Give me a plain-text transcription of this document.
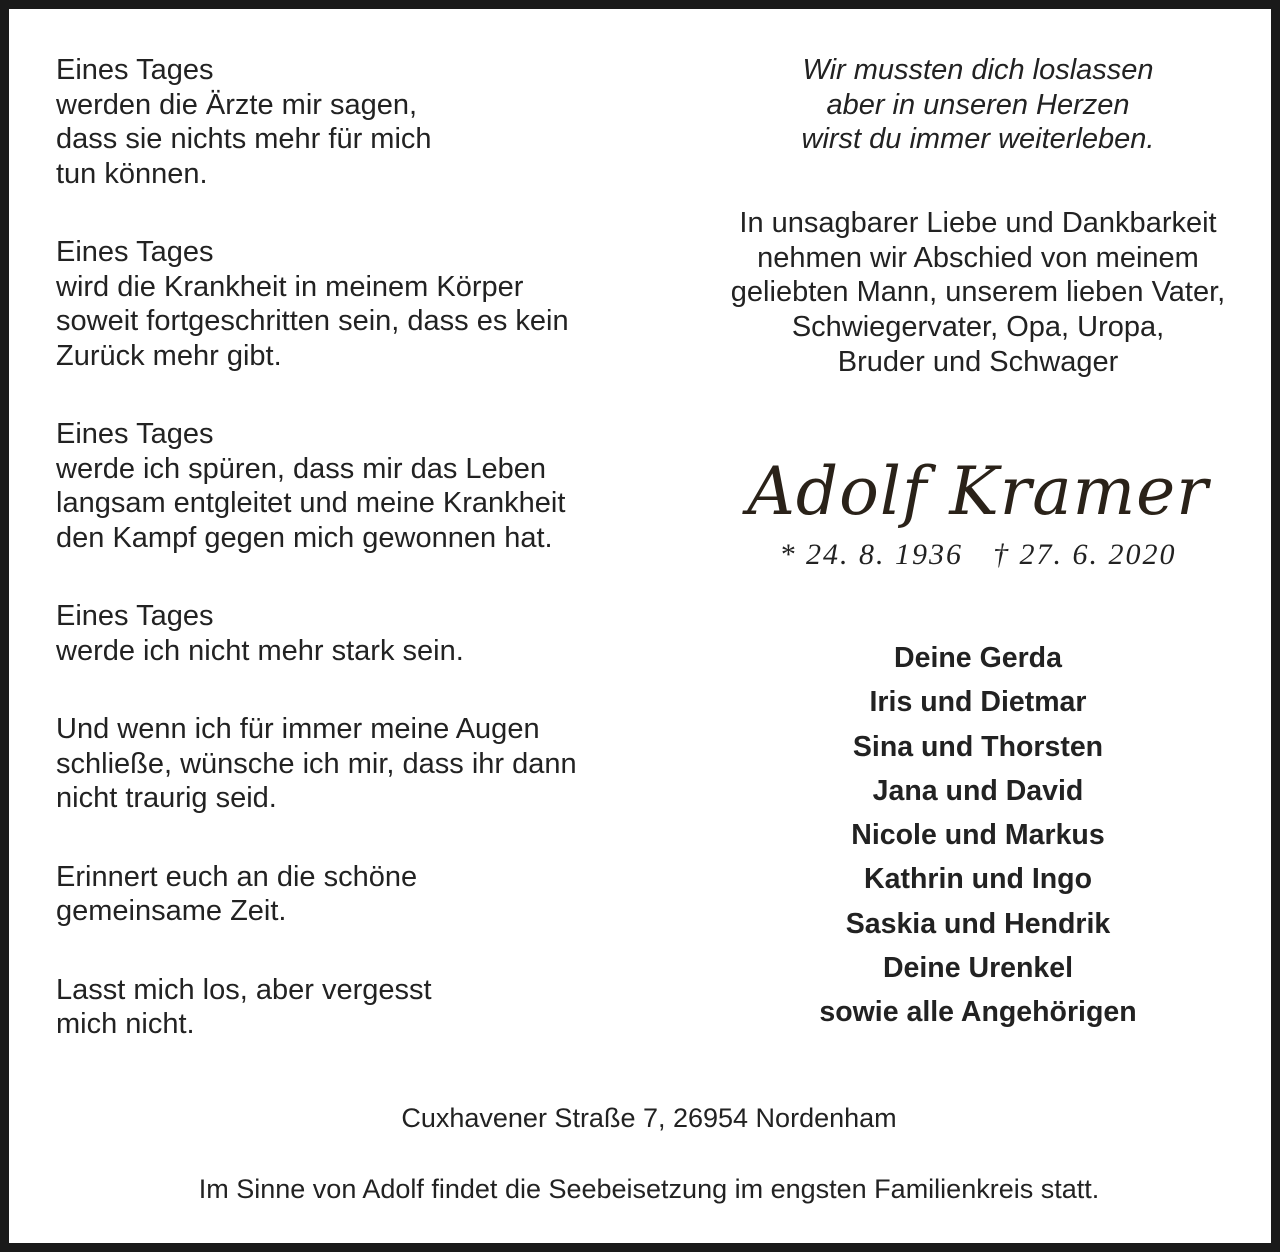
Eines Tages
werden die Ärzte mir sagen,
dass sie nichts mehr für mich
tun können.

Eines Tages
wird die Krankheit in meinem Körper
soweit fortgeschritten sein, dass es kein
Zurück mehr gibt.

Eines Tages
werde ich spüren, dass mir das Leben
langsam entgleitet und meine Krankheit
den Kampf gegen mich gewonnen hat.

Eines Tages
werde ich nicht mehr stark sein.

Und wenn ich für immer meine Augen
schließe, wünsche ich mir, dass ihr dann
nicht traurig seid.

Erinnert euch an die schöne
gemeinsame Zeit.

Lasst mich los, aber vergesst
mich nicht.

Wir mussten dich loslassen
aber in unseren Herzen
wirst du immer weiterleben.
In unsagbarer Liebe und Dankbarkeit
nehmen wir Abschied von meinem
geliebten Mann, unserem lieben Vater,
Schwiegervater, Opa, Uropa,
Bruder und Schwager
Adolf Kramer
* 24. 8. 1936 † 27. 6. 2020
Deine Gerda
Iris und Dietmar
Sina und Thorsten
Jana und David
Nicole und Markus
Kathrin und Ingo
Saskia und Hendrik
Deine Urenkel
sowie alle Angehörigen
Cuxhavener Straße 7, 26954 Nordenham
Im Sinne von Adolf findet die Seebeisetzung im engsten Familienkreis statt.
